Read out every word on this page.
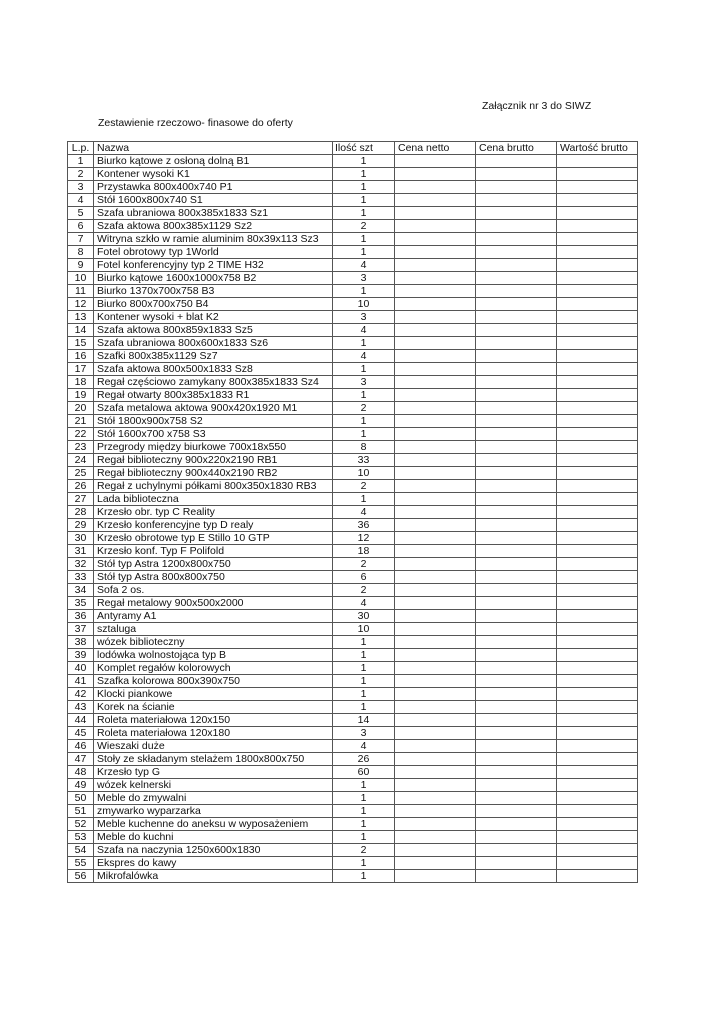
Załącznik nr 3 do SIWZ
Zestawienie rzeczowo- finasowe do oferty
L.p.	Nazwa	Ilość szt	Cena netto	Cena brutto	Wartość brutto
1	Biurko kątowe z osłoną dolną B1	1			
2	Kontener wysoki K1	1			
3	Przystawka 800x400x740 P1	1			
4	Stół 1600x800x740 S1	1			
5	Szafa ubraniowa 800x385x1833 Sz1	1			
6	Szafa aktowa 800x385x1129 Sz2	2			
7	Witryna szkło w ramie aluminim 80x39x113 Sz3	1			
8	Fotel obrotowy typ 1World	1			
9	Fotel konferencyjny typ 2 TIME H32	4			
10	Biurko kątowe 1600x1000x758 B2	3			
11	Biurko 1370x700x758 B3	1			
12	Biurko 800x700x750 B4	10			
13	Kontener wysoki + blat K2	3			
14	Szafa aktowa 800x859x1833 Sz5	4			
15	Szafa ubraniowa 800x600x1833 Sz6	1			
16	Szafki 800x385x1129 Sz7	4			
17	Szafa aktowa 800x500x1833 Sz8	1			
18	Regał częściowo zamykany 800x385x1833 Sz4	3			
19	Regał otwarty 800x385x1833 R1	1			
20	Szafa metalowa aktowa 900x420x1920 M1	2			
21	Stół 1800x900x758 S2	1			
22	Stół 1600x700 x758 S3	1			
23	Przegrody między biurkowe 700x18x550	8			
24	Regał biblioteczny 900x220x2190 RB1	33			
25	Regał biblioteczny 900x440x2190 RB2	10			
26	Regał z uchylnymi półkami 800x350x1830 RB3	2			
27	Lada biblioteczna	1			
28	Krzesło obr. typ C Reality	4			
29	Krzesło konferencyjne typ D realy	36			
30	Krzesło obrotowe typ E Stillo 10 GTP	12			
31	Krzesło konf. Typ F Polifold	18			
32	Stół typ Astra 1200x800x750	2			
33	Stół typ Astra 800x800x750	6			
34	Sofa 2 os.	2			
35	Regał metalowy 900x500x2000	4			
36	Antyramy A1	30			
37	sztaluga	10			
38	wózek biblioteczny	1			
39	lodówka wolnostojąca typ B	1			
40	Komplet regałów kolorowych	1			
41	Szafka kolorowa 800x390x750	1			
42	Klocki piankowe	1			
43	Korek na ścianie	1			
44	Roleta materiałowa 120x150	14			
45	Roleta materiałowa 120x180	3			
46	Wieszaki duże	4			
47	Stoły ze składanym stelażem 1800x800x750	26			
48	Krzesło typ G	60			
49	wózek kelnerski	1			
50	Meble do zmywalni	1			
51	zmywarko wyparzarka	1			
52	Meble kuchenne do aneksu w wyposażeniem	1			
53	Meble do kuchni	1			
54	Szafa na naczynia 1250x600x1830	2			
55	Ekspres do kawy	1			
56	Mikrofalówka	1			
